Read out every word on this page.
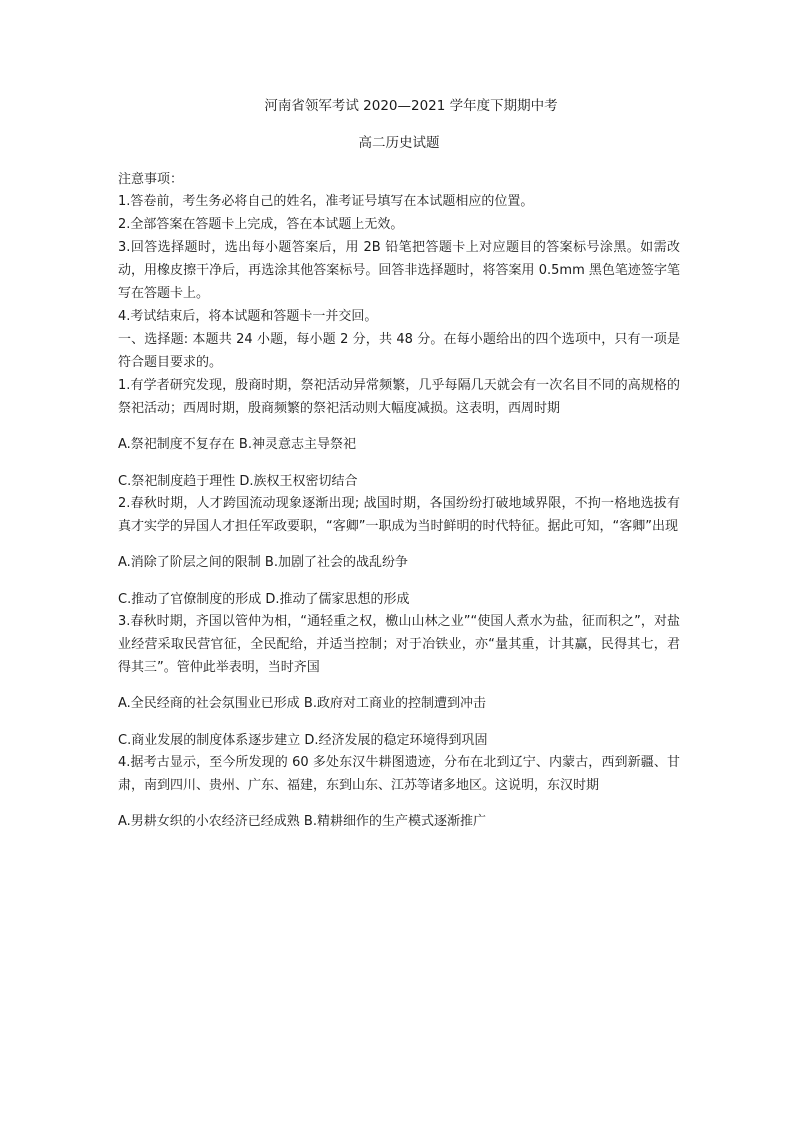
河南省领军考试 2020—2021 学年度下期期中考
高二历史试题
注意事项：

1.答卷前，考生务必将自己的姓名，准考证号填写在本试题相应的位置。

2.全部答案在答题卡上完成，答在本试题上无效。

3.回答选择题时，选出每小题答案后，用 2B 铅笔把答题卡上对应题目的答案标号涂黑。如需改动，用橡皮擦干净后，再选涂其他答案标号。回答非选择题时，将答案用 0.5mm 黑色笔迹签字笔写在答题卡上。

4.考试结束后，将本试题和答题卡一并交回。

一、选择题: 本题共 24 小题，每小题 2 分，共 48 分。在每小题给出的四个选项中，只有一项是符合题目要求的。

1.有学者研究发现，殷商时期，祭祀活动异常频繁，几乎每隔几天就会有一次名目不同的高规格的祭祀活动；西周时期，殷商频繁的祭祀活动则大幅度减损。这表明，西周时期

A.祭祀制度不复存在 B.神灵意志主导祭祀
C.祭祀制度趋于理性 D.族权王权密切结合

2.春秋时期，人才跨国流动现象逐渐出现; 战国时期，各国纷纷打破地域界限，不拘一格地选拔有真才实学的异国人才担任军政要职，“客卿”一职成为当时鲜明的时代特征。据此可知，“客卿”出现

A.消除了阶层之间的限制 B.加剧了社会的战乱纷争
C.推动了官僚制度的形成 D.推动了儒家思想的形成

3.春秋时期，齐国以管仲为相，“通轻重之权，檄山山林之业”“使国人煮水为盐，征而积之”，对盐业经营采取民营官征，全民配给，并适当控制；对于冶铁业，亦“量其重，计其赢，民得其七，君得其三”。管仲此举表明，当时齐国

A.全民经商的社会氛围业已形成 B.政府对工商业的控制遭到冲击
C.商业发展的制度体系逐步建立 D.经济发展的稳定环境得到巩固

4.据考古显示，至今所发现的 60 多处东汉牛耕图遗迹，分布在北到辽宁、内蒙古，西到新疆、甘肃，南到四川、贵州、广东、福建，东到山东、江苏等诸多地区。这说明，东汉时期

A.男耕女织的小农经济已经成熟 B.精耕细作的生产模式逐渐推广
